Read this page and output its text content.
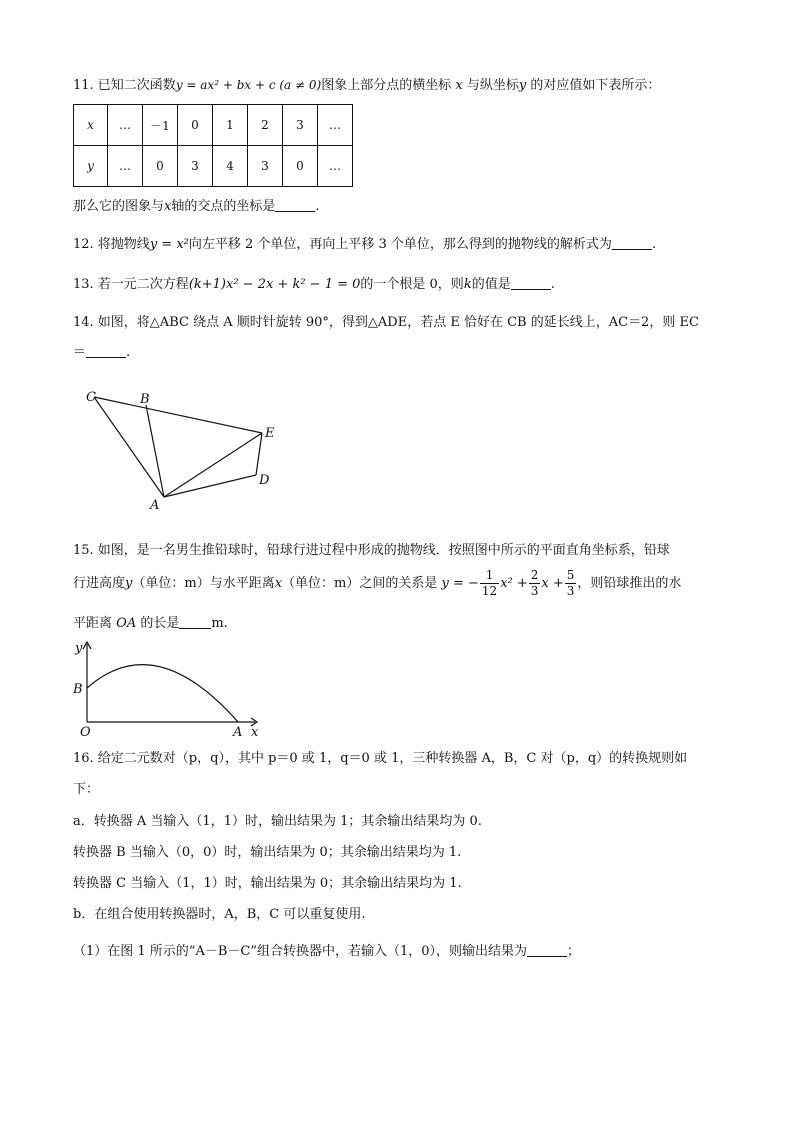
11. 已知二次函数y = ax² + bx + c (a ≠ 0)图象上部分点的横坐标 x 与纵坐标y 的对应值如下表所示：
x	…	－1	0	1	2	3	…
y	…	0	3	4	3	0	…
那么它的图象与x轴的交点的坐标是	.
12. 将抛物线y = x²向左平移 2 个单位，再向上平移 3 个单位，那么得到的抛物线的解析式为	.
13. 若一元二次方程(k+1)x² − 2x + k² − 1 = 0的一个根是 0，则k的值是	.
14. 如图，将△ABC 绕点 A 顺时针旋转 90°，得到△ADE，若点 E 恰好在 CB 的延长线上，AC＝2，则 EC
＝	.
C	B
E
D
A
15. 如图，是一名男生推铅球时，铅球行进过程中形成的抛物线．按照图中所示的平面直角坐标系，铅球
行进高度y（单位：m）与水平距离x（单位：m）之间的关系是 y = − $\frac{1}{12} x^2 + \frac{2}{3}$ $x + \frac{5}{3}$ ，则铅球推出的水
平距离 OA 的长是 m.
y
B
O	A x
16. 给定二元数对（p，q），其中 p＝0 或 1，q＝0 或 1，三种转换器 A，B，C 对（p，q）的转换规则如
下：
a．转换器 A 当输入（1，1）时，输出结果为 1；其余输出结果均为 0.
转换器 B 当输入（0，0）时，输出结果为 0；其余输出结果均为 1.
转换器 C 当输入（1，1）时，输出结果为 0；其余输出结果均为 1.
b．在组合使用转换器时，A，B，C 可以重复使用.
（1）在图 1 所示的“A－B－C”组合转换器中，若输入（1，0），则输出结果为	；
